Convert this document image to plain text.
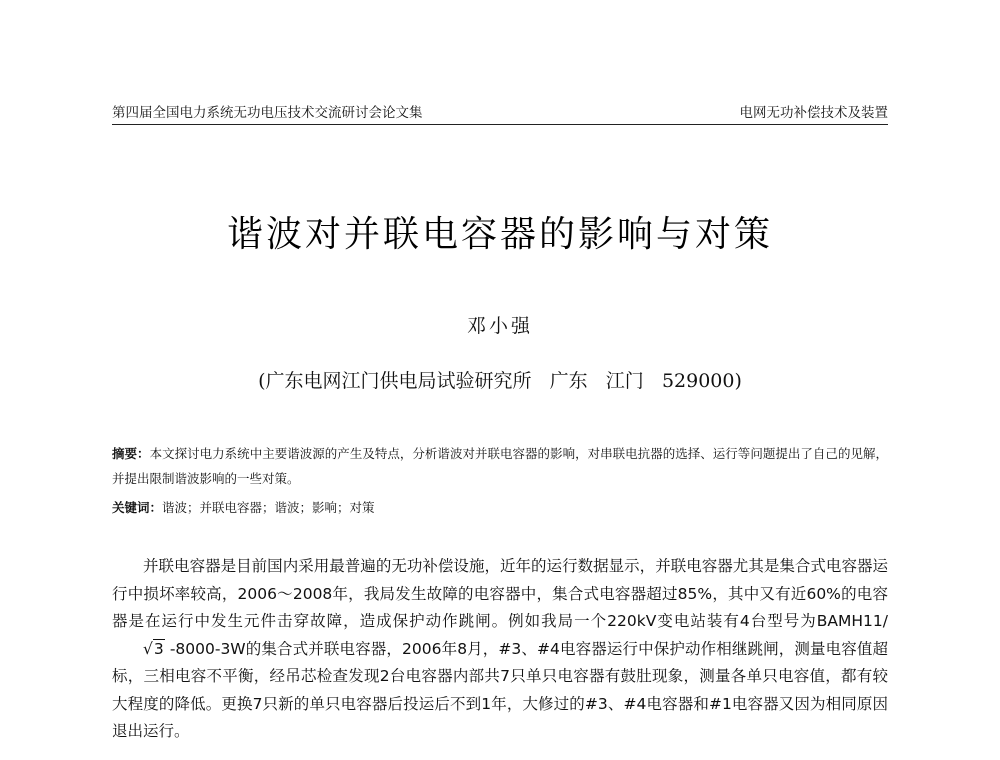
第四届全国电力系统无功电压技术交流研讨会论文集	电网无功补偿技术及装置
谐波对并联电容器的影响与对策
邓小强
(广东电网江门供电局试验研究所 广东 江门 529000)
摘要：本文探讨电力系统中主要谐波源的产生及特点，分析谐波对并联电容器的影响，对串联电抗器的选择、运行等问题提出了自己的见解，并提出限制谐波影响的一些对策。
关键词：谐波；并联电容器；谐波；影响；对策
并联电容器是目前国内采用最普遍的无功补偿设施，近年的运行数据显示，并联电容器尤其是集合式电容器运行中损坏率较高，2006～2008年，我局发生故障的电容器中，集合式电容器超过85%，其中又有近60%的电容器是在运行中发生元件击穿故障，造成保护动作跳闸。例如我局一个220kV变电站装有4台型号为BAMH11/√3 -8000-3W的集合式并联电容器，2006年8月，#3、#4电容器运行中保护动作相继跳闸，测量电容值超标，三相电容不平衡，经吊芯检查发现2台电容器内部共7只单只电容器有鼓肚现象，测量各单只电容值，都有较大程度的降低。更换7只新的单只电容器后投运后不到1年，大修过的#3、#4电容器和#1电容器又因为相同原因退出运行。
